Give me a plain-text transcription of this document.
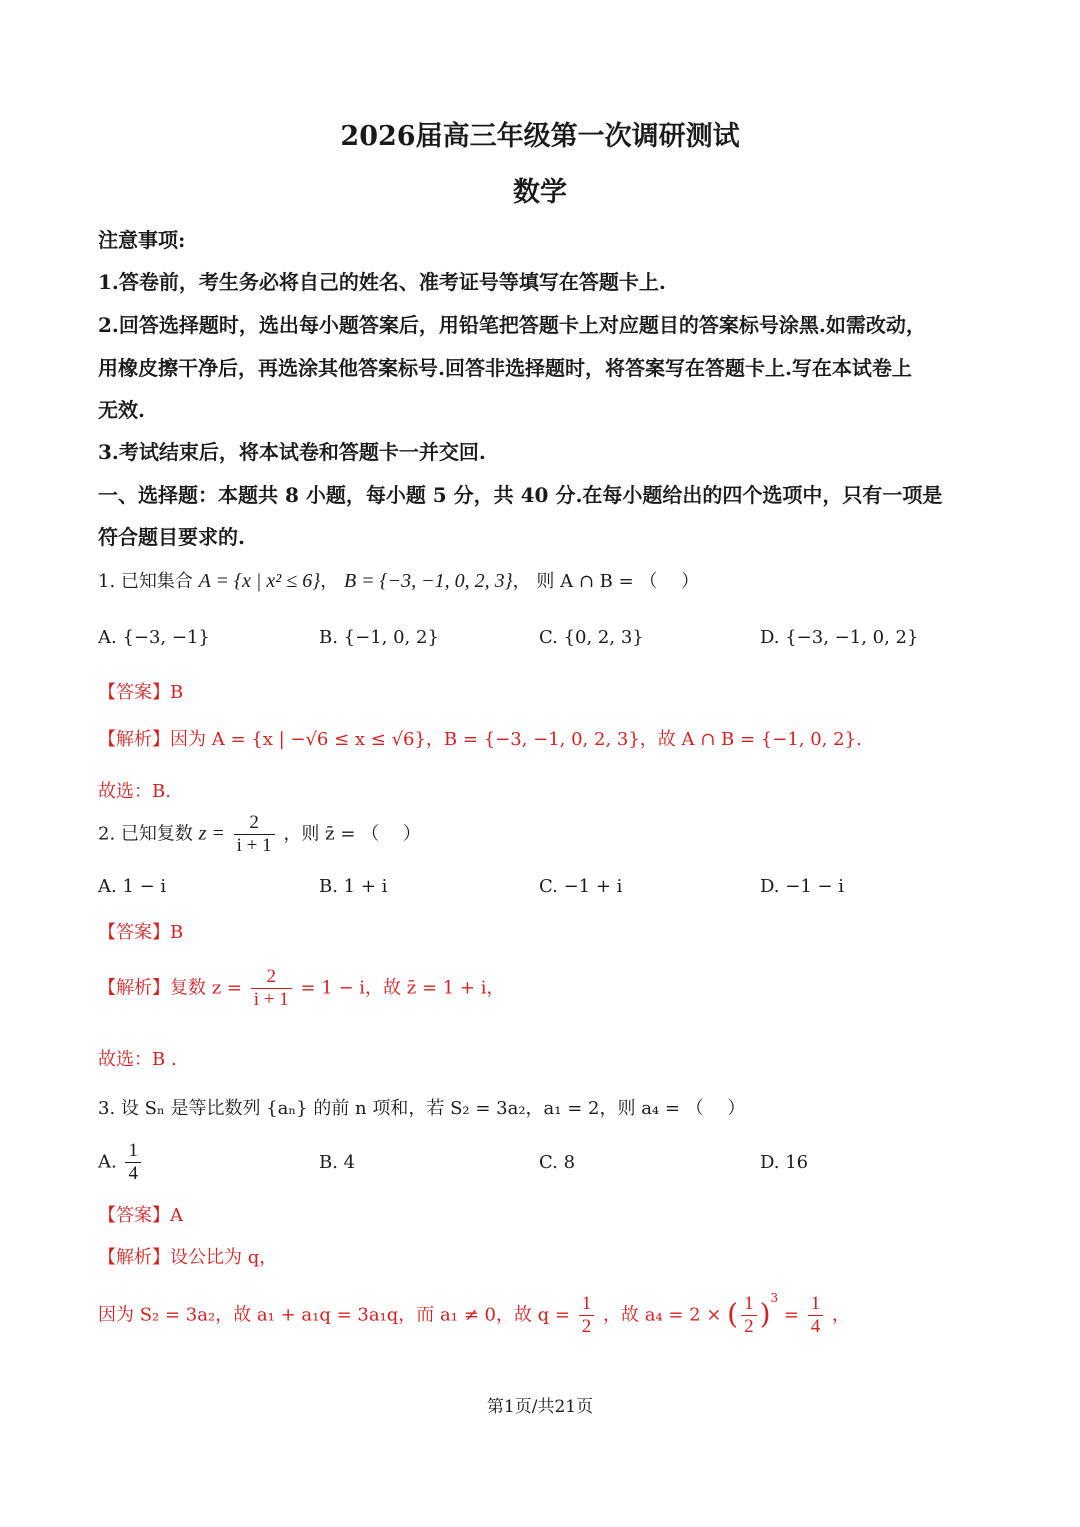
2026届高三年级第一次调研测试
数学
注意事项:
1.答卷前，考生务必将自己的姓名、准考证号等填写在答题卡上.
2.回答选择题时，选出每小题答案后，用铅笔把答题卡上对应题目的答案标号涂黑.如需改动，
用橡皮擦干净后，再选涂其他答案标号.回答非选择题时，将答案写在答题卡上.写在本试卷上
无效.
3.考试结束后，将本试卷和答题卡一并交回.
一、选择题：本题共 8 小题，每小题 5 分，共 40 分.在每小题给出的四个选项中，只有一项是
符合题目要求的.
1. 已知集合 A = {x | x² ≤ 6}， B = {−3, −1, 0, 2, 3}， 则 A ∩ B = （　 ）
A. {−3, −1}	B. {−1, 0, 2}	C. {0, 2, 3}	D. {−3, −1, 0, 2}
【答案】B
【解析】因为 A = {x | −√6 ≤ x ≤ √6}，B = {−3, −1, 0, 2, 3}，故 A ∩ B = {−1, 0, 2}.
故选：B.
2. 已知复数 $z = \frac{2}{i + 1}$ ，则 z̄ = （　 ）
A. 1 − i	B. 1 + i	C. −1 + i	D. −1 − i
【答案】B
【解析】复数 $z = \frac{2}{i + 1} = 1 - i$，故 z̄ = 1 + i，
故选：B .
3. 设 Sₙ 是等比数列 {aₙ} 的前 n 项和，若 S₂ = 3a₂，a₁ = 2，则 a₄ = （　 ）
A. $\frac{1}{4}$	B. 4	C. 8	D. 16
【答案】A
【解析】设公比为 q，
因为 S₂ = 3a₂，故 a₁ + a₁q = 3a₁q，而 a₁ ≠ 0，故 $q = \frac{1}{2}$ ，故 a₄ = 2 × ( $\frac{1}{2} )^3 = \frac{1}{4}$ ，
第1页/共21页
